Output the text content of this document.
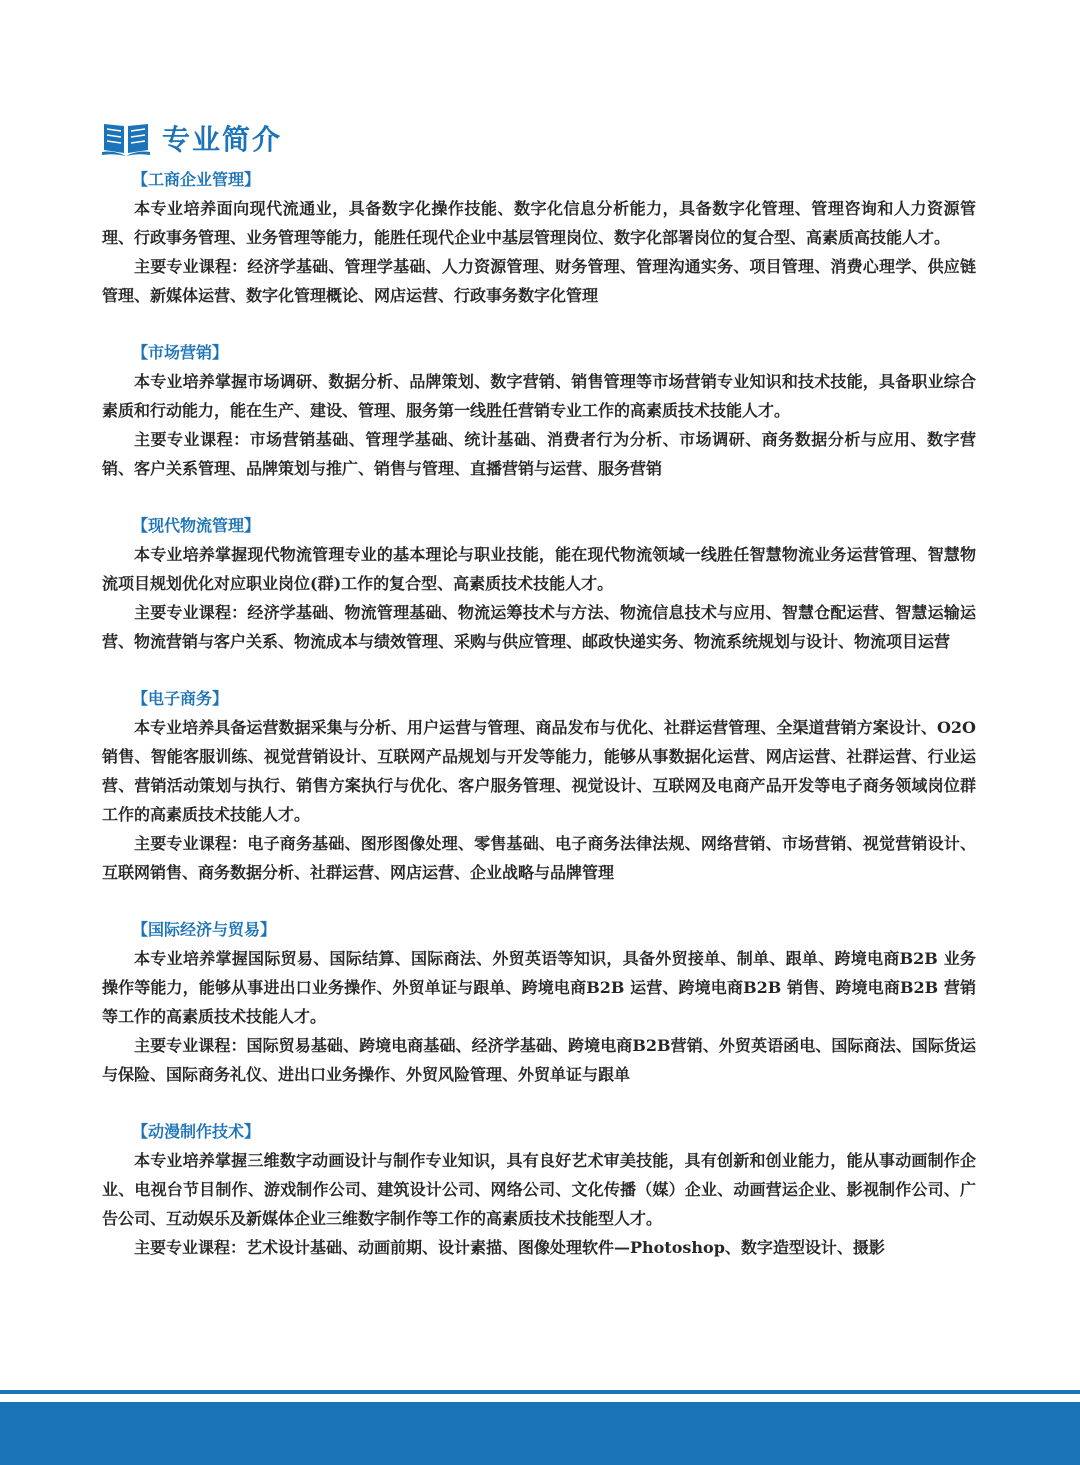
专业简介

【工商企业管理】

本专业培养面向现代流通业，具备数字化操作技能、数字化信息分析能力，具备数字化管理、管理咨询和人力资源管理、行政事务管理、业务管理等能力，能胜任现代企业中基层管理岗位、数字化部署岗位的复合型、高素质高技能人才。

主要专业课程：经济学基础、管理学基础、人力资源管理、财务管理、管理沟通实务、项目管理、消费心理学、供应链管理、新媒体运营、数字化管理概论、网店运营、行政事务数字化管理

【市场营销】

本专业培养掌握市场调研、数据分析、品牌策划、数字营销、销售管理等市场营销专业知识和技术技能，具备职业综合素质和行动能力，能在生产、建设、管理、服务第一线胜任营销专业工作的高素质技术技能人才。

主要专业课程：市场营销基础、管理学基础、统计基础、消费者行为分析、市场调研、商务数据分析与应用、数字营销、客户关系管理、品牌策划与推广、销售与管理、直播营销与运营、服务营销

【现代物流管理】

本专业培养掌握现代物流管理专业的基本理论与职业技能，能在现代物流领域一线胜任智慧物流业务运营管理、智慧物流项目规划优化对应职业岗位(群)工作的复合型、高素质技术技能人才。

主要专业课程：经济学基础、物流管理基础、物流运筹技术与方法、物流信息技术与应用、智慧仓配运营、智慧运输运营、物流营销与客户关系、物流成本与绩效管理、采购与供应管理、邮政快递实务、物流系统规划与设计、物流项目运营

【电子商务】

本专业培养具备运营数据采集与分析、用户运营与管理、商品发布与优化、社群运营管理、全渠道营销方案设计、O2O销售、智能客服训练、视觉营销设计、互联网产品规划与开发等能力，能够从事数据化运营、网店运营、社群运营、行业运营、营销活动策划与执行、销售方案执行与优化、客户服务管理、视觉设计、互联网及电商产品开发等电子商务领域岗位群工作的高素质技术技能人才。

主要专业课程：电子商务基础、图形图像处理、零售基础、电子商务法律法规、网络营销、市场营销、视觉营销设计、互联网销售、商务数据分析、社群运营、网店运营、企业战略与品牌管理

【国际经济与贸易】

本专业培养掌握国际贸易、国际结算、国际商法、外贸英语等知识，具备外贸接单、制单、跟单、跨境电商B2B 业务操作等能力，能够从事进出口业务操作、外贸单证与跟单、跨境电商B2B 运营、跨境电商B2B 销售、跨境电商B2B 营销等工作的高素质技术技能人才。

主要专业课程：国际贸易基础、跨境电商基础、经济学基础、跨境电商B2B营销、外贸英语函电、国际商法、国际货运与保险、国际商务礼仪、进出口业务操作、外贸风险管理、外贸单证与跟单

【动漫制作技术】

本专业培养掌握三维数字动画设计与制作专业知识，具有良好艺术审美技能，具有创新和创业能力，能从事动画制作企业、电视台节目制作、游戏制作公司、建筑设计公司、网络公司、文化传播（媒）企业、动画营运企业、影视制作公司、广告公司、互动娱乐及新媒体企业三维数字制作等工作的高素质技术技能型人才。

主要专业课程：艺术设计基础、动画前期、设计素描、图像处理软件—Photoshop、数字造型设计、摄影
